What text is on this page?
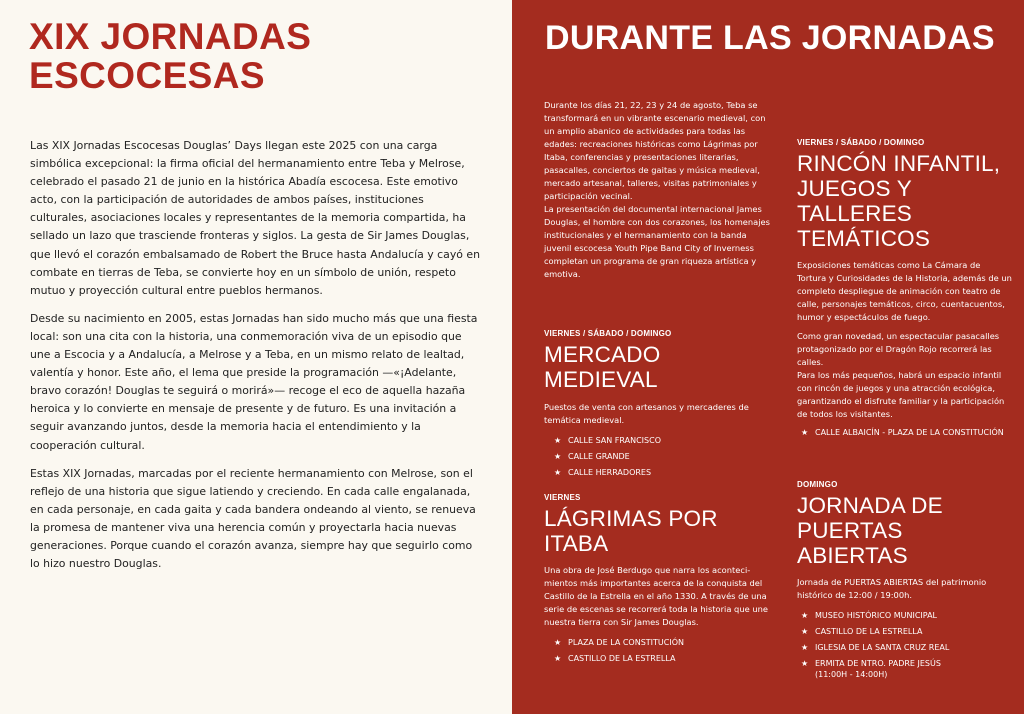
XIX JORNADAS ESCOCESAS

Las XIX Jornadas Escocesas Douglas’ Days llegan este 2025 con una carga simbólica excepcional: la firma oficial del hermanamiento entre Teba y Melrose, celebrado el pasado 21 de junio en la histórica Abadía escocesa. Este emotivo acto, con la participación de autoridades de ambos países, instituciones culturales, asociaciones locales y representantes de la memoria compartida, ha sellado un lazo que trasciende fronteras y siglos. La gesta de Sir James Douglas, que llevó el corazón embalsamado de Robert the Bruce hasta Andalucía y cayó en combate en tierras de Teba, se convierte hoy en un símbolo de unión, respeto mutuo y proyección cultural entre pueblos hermanos.

Desde su nacimiento en 2005, estas Jornadas han sido mucho más que una fiesta local: son una cita con la historia, una conmemoración viva de un episodio que une a Escocia y a Andalucía, a Melrose y a Teba, en un mismo relato de lealtad, valentía y honor. Este año, el lema que preside la programación —«¡Adelante, bravo corazón! Douglas te seguirá o morirá»— recoge el eco de aquella hazaña heroica y lo convierte en mensaje de presente y de futuro. Es una invitación a seguir avanzando juntos, desde la memoria hacia el entendimiento y la cooperación cultural.

Estas XIX Jornadas, marcadas por el reciente hermanamiento con Melrose, son el reflejo de una historia que sigue latiendo y creciendo. En cada calle engalanada, en cada personaje, en cada gaita y cada bandera ondeando al viento, se renueva la promesa de mantener viva una herencia común y proyectarla hacia nuevas generaciones. Porque cuando el corazón avanza, siempre hay que seguirlo como lo hizo nuestro Douglas.

DURANTE LAS JORNADAS

Durante los días 21, 22, 23 y 24 de agosto, Teba se transformará en un vibrante escenario medieval, con un amplio abanico de actividades para todas las edades: recreaciones históricas como Lágrimas por Itaba, conferencias y presentaciones literarias, pasacalles, conciertos de gaitas y música medieval, mercado artesanal, talleres, visitas patrimoniales y participación vecinal.

La presentación del documental internacional James Douglas, el hombre con dos corazones, los homenajes institucionales y el hermanamiento con la banda juvenil escocesa Youth Pipe Band City of Inverness completan un programa de gran riqueza artística y emotiva.

VIERNES / SÁBADO / DOMINGO
MERCADO MEDIEVAL
Puestos de venta con artesanos y mercaderes de temática medieval.
★ CALLE SAN FRANCISCO
★ CALLE GRANDE
★ CALLE HERRADORES
VIERNES
LÁGRIMAS POR ITABA
Una obra de José Berdugo que narra los aconteci- mientos más importantes acerca de la conquista del Castillo de la Estrella en el año 1330. A través de una serie de escenas se recorrerá toda la historia que une nuestra tierra con Sir James Douglas.
★ PLAZA DE LA CONSTITUCIÓN
★ CASTILLO DE LA ESTRELLA
VIERNES / SÁBADO / DOMINGO
RINCÓN INFANTIL, JUEGOS Y TALLERES TEMÁTICOS

Exposiciones temáticas como La Cámara de Tortura y Curiosidades de la Historia, además de un completo despliegue de animación con teatro de calle, personajes temáticos, circo, cuentacuentos, humor y espectáculos de fuego.

Como gran novedad, un espectacular pasacalles protagonizado por el Dragón Rojo recorrerá las calles.

Para los más pequeños, habrá un espacio infantil con rincón de juegos y una atracción ecológica, garantizando el disfrute familiar y la participación de todos los visitantes.

★ CALLE ALBAICÍN - PLAZA DE LA CONSTITUCIÓN
DOMINGO
JORNADA DE PUERTAS ABIERTAS
Jornada de PUERTAS ABIERTAS del patrimonio histórico de 12:00 / 19:00h.
★ MUSEO HISTÓRICO MUNICIPAL
★ CASTILLO DE LA ESTRELLA
★ IGLESIA DE LA SANTA CRUZ REAL
★ ERMITA DE NTRO. PADRE JESÚS
(11:00H - 14:00H)
